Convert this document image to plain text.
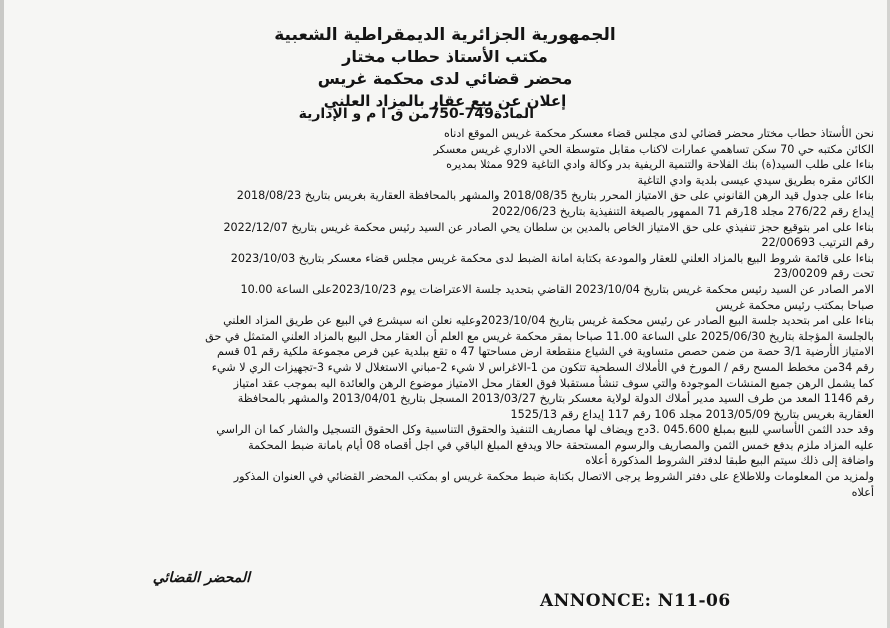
الجمهورية الجزائرية الديمقراطية الشعبية
مكتب الأستاذ حطاب مختار
محضر قضائي لدى محكمة غريس
إعلان عن بيع عقار بالمزاد العلني
المادة749-750من ق ا م و الإدارية
نحن الأستاذ حطاب مختار محضر قضائي لدى مجلس قضاء معسكر محكمة غريس الموقع ادناه
الكائن مكتبه حي 70 سكن تساهمي عمارات لاكناب مقابل متوسطة الحي الاداري غريس معسكر
بناءا على طلب السيد(ة) بنك الفلاحة والتنمية الريفية بدر وكالة وادي التاغية 929 ممثلا بمديره
الكائن مقره بطريق سيدي عيسى بلدية وادي التاغية
بناءا على جدول قيد الرهن القانوني على حق الامتياز المحرر بتاريخ 2018/08/35 والمشهر بالمحافظة العقارية بغريس بتاريخ 2018/08/23
إيداع رقم 276/22 مجلد 18رقم 71 الممهور بالصيغة التنفيذية بتاريخ 2022/06/23
بناءا على امر بتوقيع حجز تنفيذي على حق الامتياز الخاص بالمدين بن سلطان يحي الصادر عن السيد رئيس محكمة غريس بتاريخ 2022/12/07
رقم الترتيب 22/00693
بناءا على قائمة شروط البيع بالمزاد العلني للعقار والمودعة بكتابة امانة الضبط لدى محكمة غريس مجلس قضاء معسكر بتاريخ 2023/10/03
تحت رقم 23/00209
الامر الصادر عن السيد رئيس محكمة غريس بتاريخ 2023/10/04 القاضي بتحديد جلسة الاعتراضات يوم 2023/10/23على الساعة 10.00
صباحا بمكتب رئيس محكمة غريس
بناءا على امر بتحديد جلسة البيع الصادر عن رئيس محكمة غريس بتاريخ 2023/10/04وعليه نعلن انه سيشرع في البيع عن طريق المزاد العلني
بالجلسة المؤجلة بتاريخ 2025/06/30 على الساعة 11.00 صباحا بمقر محكمة غريس مع العلم أن العقار محل البيع بالمزاد العلني المتمثل في حق
الامتياز الأرضية 3/1 حصة من ضمن حصص متساوية في الشياع منقطعة ارض مساحتها 47 ه تقع ببلدية عين فرص مجموعة ملكية رقم 01 قسم
رقم 34من مخطط المسح رقم / المورخ في الأملاك السطحية تتكون من 1-الاغراس لا شيء 2-مباني الاستغلال لا شيء 3-تجهيزات الري لا شيء
كما يشمل الرهن جميع المنشات الموجودة والتي سوف تنشأ مستقبلا فوق العقار محل الامتياز موضوع الرهن والعائدة اليه بموجب عقد امتياز
رقم 1146 المعد من طرف السيد مدير أملاك الدولة لولاية معسكر بتاريخ 2013/03/27 المسجل بتاريخ 2013/04/01 والمشهر بالمحافظة
العقارية بغريس بتاريخ 2013/05/09 مجلد 106 رقم 117 إيداع رقم 1525/13
وقد حدد الثمن الأساسي للبيع بمبلغ 045.600 .3دج ويضاف لها مصاريف التنفيذ والحقوق التناسبية وكل الحقوق التسجيل والشار كما ان الراسي
عليه المزاد ملزم بدفع خمس الثمن والمصاريف والرسوم المستحقة حالا ويدفع المبلغ الباقي في اجل أقصاه 08 أيام بامانة ضبط المحكمة
واضافة إلى ذلك سيتم البيع طبقا لدفتر الشروط المذكورة أعلاه
ولمزيد من المعلومات وللاطلاع على دفتر الشروط يرجى الاتصال بكتابة ضبط محكمة غريس او بمكتب المحضر القضائي في العنوان المذكور
أعلاه
المحضر القضائي
ANNONCE: N11-06
